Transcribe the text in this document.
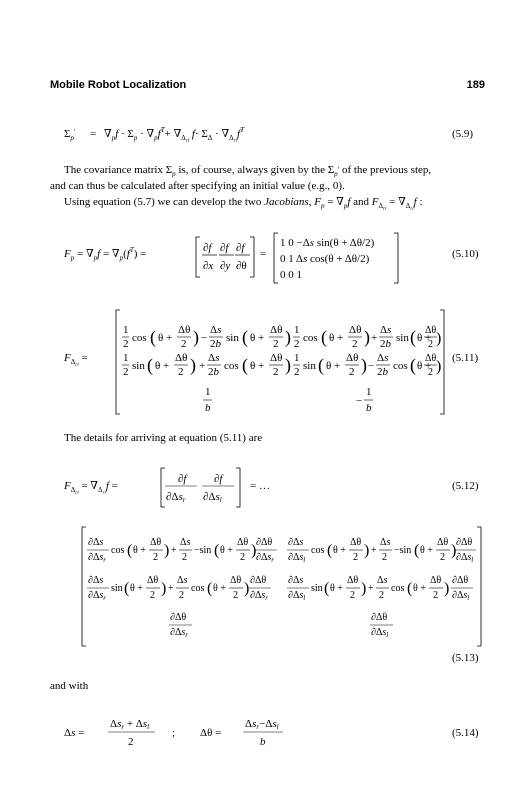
Mobile Robot Localization	189
(5.9)
(5.10)
(5.11)
(5.12)
(5.13)
(5.14)
$\Sigma_p' = \nabla_pf \cdot \Sigma_p \cdot \nabla_pf^T+ \nabla_\Delta rl$ $f\cdot \Sigma_\Delta \cdot \nabla_\Delta rlf^T$
The covariance matrix $\Sigma_p$ is, of course, always given by the $\Sigma_p'$ of the previous step,
and can thus be calculated after specifying an initial value (e.g., 0).
Using equation (5.7) we can develop the two Jacobians, $F_p = \nabla_pf$ and $F_\Delta rl = \nabla_\Delta rlf$ :
$F_p = \nabla_pf = \nabla_p(f^T)$ =	∂f
∂x
∂f
∂y
∂f
∂θ
=
1 0 −Δs sin(θ + Δθ/2)
0 1 Δs cos(θ + Δθ/2)
0 0 1
$F_\Delta rl$ =
1
2 cos ( θ +
Δθ
2 ) −
Δs
2b sin ( θ +
Δθ
2 ) 1
2 cos ( θ +
Δθ
2 ) +
Δs
2b sin ( θ +
1
2 sin ( θ +
Δθ
2 ) +
Δs
2b cos ( θ +
Δθ
2 ) 1
2 sin ( θ +
Δθ
2 ) −
Δs
2b cos ( θ +
1
b
1
−
b
Δθ
2 )
Δθ
2 )
The details for arriving at equation (5.11) are
$F_\Delta rl = \nabla_\Delta rlf$ =
∂f
∂Δsr
∂f
∂Δsl
= …
∂Δs
$\partial\Delta s_r$
cos ( θ +
Δθ
2 ) +
Δs
2
−sin ( θ +
Δθ
2 ) ∂Δθ
$\partial\Delta s_r$
∂Δs
$\partial\Delta s_l$
cos ( θ +
Δθ
2 ) +
Δs
2
−sin ( θ +
Δθ
2 ) ∂Δθ
$\partial\Delta s_l$
∂Δs
$\partial\Delta s_r$
sin ( θ +
Δθ
2 ) +
Δs
2
cos ( θ +
Δθ
2 ) ∂Δθ
$\partial\Delta s_r$
∂Δs
$\partial\Delta s_l$
sin ( θ +
Δθ
2 ) +
Δs
2
cos ( θ +
Δθ
2 ) ∂Δθ
$\partial\Delta s_l$
∂Δθ
$\partial\Delta s_r$
∂Δθ
$\partial\Delta s_l$
and with
Δs =
Δsr + Δsl
2
; Δθ =
Δsr−Δsl
b
